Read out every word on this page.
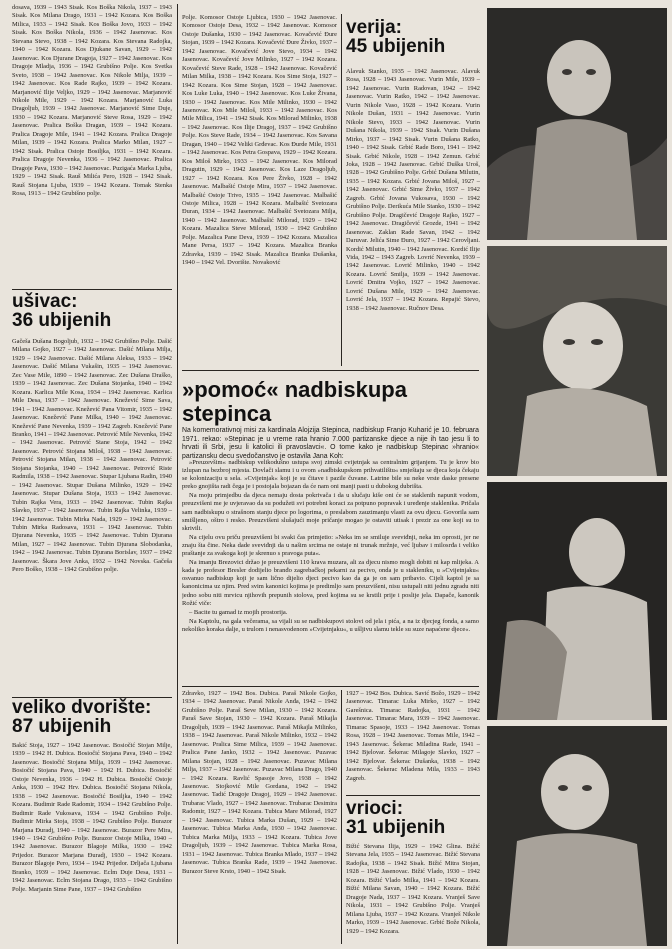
dosava, 1939 – 1943 Sisak. Kos Boška Nikola, 1937 – 1943 Sisak. Kos Milana Drago, 1931 – 1942 Kozara. Kos Boška Milica, 1933 – 1942 Sisak. Kos Boška Jovo, 1933 – 1942 Sisak. Kos Boška Nikola, 1936 – 1942 Jasenovac. Kos Stevana Stevo, 1938 – 1942 Kozara. Kos Stevana Radojka, 1940 – 1942 Kozara. Kos Djukane Savan, 1929 – 1942 Jasenovac. Kos Djurane Dragoja, 1927 – 1942 Jasenovac. Kos Dragoje Mladja, 1936 – 1942 Grubišno Polje. Kos Svetka Sveto, 1938 – 1942 Jasenovac. Kos Nikole Milja, 1939 – 1942 Jasenovac. Kos Rade Rajko, 1939 – 1942 Kozara. Marjanović Ilije Veljko, 1929 – 1942 Jasenovac. Marjanović Nikole Mile, 1929 – 1942 Kozara. Marjanović Luka Dragoljub, 1939 – 1942 Jasenovac. Marjanović Sime Duje, 1930 – 1942 Kozara. Marjanović Steve Rosa, 1929 – 1942 Jasenovac. Pralica Boška Dragan, 1939 – 1942 Kozara. Pralica Dragoje Mile, 1941 – 1942 Kozara. Pralica Dragoje Milan, 1939 – 1942 Kozara. Pralica Marko Milan, 1927 – 1942 Sisak. Pralica Ostoje Bosiljka, 1931 – 1942 Kozara. Pralica Dragoje Nevenka, 1936 – 1942 Jasenovac. Pralica Dragoje Pava, 1930 – 1942 Jasenovac. Puzigaća Marka Ljuba, 1929 – 1942 Sisak. Rauš Milića Pero, 1928 – 1942 Sisak. Rauš Stojana Ljuba, 1939 – 1942 Kozara. Tomak Stenka Rosa, 1913 – 1942 Grubišno polje.

ušivac:

36 ubijenih

Gačeša Dušana Bogoljub, 1932 – 1942 Grubišno Polje. Dašić Milana Gojko, 1927 – 1942 Jasenovac. Dašić Milana Milja, 1929 – 1942 Jasenovac. Dašić Milana Aleksa, 1933 – 1942 Jasenovac. Dašić Milana Vukašin, 1935 – 1942 Jasenovac. Zec Vase Mile, 1890 – 1942 Jasenovac. Zec Dušana Draško, 1939 – 1942 Jasenovac. Zec Dušana Stojanka, 1940 – 1942 Kozara. Karlica Mile Kosa, 1934 – 1942 Jasenovac. Karlica Mile Desa, 1937 – 1942 Jasenovac. Knežević Sime Sava, 1941 – 1942 Jasenovac. Knežević Pana Vitomir, 1935 – 1942 Jasenovac. Knežević Pane Milka, 1940 – 1942 Jasenovac. Knežević Pane Nevenka, 1939 – 1942 Zagreb. Knežević Pane Branko, 1941 – 1942 Jasenovac. Petrović Mile Nevenka, 1942 – 1942 Jasenovac. Petrović Stane Stoja, 1942 – 1942 Jasenovac. Petrović Stojana Miloš, 1938 – 1942 Jasenovac. Petrović Stojana Milan, 1938 – 1942 Jasenovac. Petrović Stojana Stojanka, 1940 – 1942 Jasenovac. Petrović Riste Radmila, 1938 – 1942 Jasenovac. Stupar Ljubana Radin, 1940 – 1942 Jasenovac. Stupar Dušana Milinko, 1929 – 1942 Jasenovac. Stupar Dušana Stoja, 1933 – 1942 Jasenovac. Tubin Rajka Vera, 1933 – 1942 Jasenovac. Tubin Rajka Slavko, 1937 – 1942 Jasenovac. Tubin Rajka Velinka, 1939 – 1942 Jasenovac. Tubin Mirka Nada, 1929 – 1942 Jasenovac. Tubin Mirka Radosava, 1931 – 1942 Jasenovac. Tubin Djurana Nevenka, 1935 – 1942 Jasenovac. Tubin Djurana Milan, 1927 – 1942 Jasenovac. Tubin Djurana Slobodanka, 1942 – 1942 Jasenovac. Tubin Djurana Borislav, 1937 – 1942 Jasenovac. Škara Jove Anka, 1932 – 1942 Novska. Gačeša Pero Boško, 1938 – 1942 Grubišno polje.

veliko dvorište:

87 ubijenih

Bakić Stoja, 1927 – 1942 Jasenovac. Bosiočić Stojan Milje, 1939 – 1942 H. Dubica. Bosiočić Stojana Pava, 1940 – 1942 Jasenovac. Bosiočić Stojana Milja, 1939 – 1942 Jasenovac. Bosiočić Stojana Pava, 1940 – 1942 H. Dubica. Bosiočić Ostoje Nevenka, 1936 – 1942 H. Dubica. Bosiočić Ostoje Anka, 1930 – 1942 Hrv. Dubica. Bosiočić Stojana Nikola, 1938 – 1942 Jasenovac. Bosiočić Bosiljka, 1940 – 1942 Kozara. Budimir Rade Radomir, 1934 – 1942 Grubišno Polje. Budimir Rade Vukosava, 1934 – 1942 Grubišno Polje. Budimir Mirka Stoja, 1938 – 1942 Grubišno Polje. Burazor Marjana Đuradj, 1940 – 1942 Jasenovac. Burazor Pere Mira, 1940 – 1942 Grubišno Polje. Burazor Ostoje Milka, 1940 – 1942 Jasenovac. Burazor Blagoje Milka, 1930 – 1942 Prijedor. Burazor Marjana Đuradj, 1930 – 1942 Kozara. Burazor Blagoje Pero, 1934 – 1942 Prijedor. Drljača Ljubana Branko, 1939 – 1942 Jasenovac. Eclm Duje Desa, 1931 – 1942 Jasenovac. Eclm Stojana Drago, 1933 – 1942 Grubišno Polje. Marjanin Sime Pane, 1937 – 1942 Grubišno

Polje. Komosor Ostoje Ljubica, 1930 – 1942 Jasenovac. Komosor Ostoje Desa, 1932 – 1942 Jasenovac. Komosor Ostoje Dušanka, 1930 – 1942 Jasenovac. Kovačević Đure Stojan, 1939 – 1942 Kozara. Kovačević Đure Živko, 1937 – 1942 Jasenovac. Kovačević Jove Stevo, 1934 – 1942 Jasenovac. Kovačević Jove Milinko, 1927 – 1942 Kozara. Kovačević Steve Rade, 1928 – 1942 Jasenovac. Kovačević Milan Milka, 1938 – 1942 Kozara. Kos Sime Stoja, 1927 – 1942 Kozara. Kos Sime Stojan, 1928 – 1942 Jasenovac. Kos Luke Luka, 1940 – 1942 Jasenovac. Kos Luke Živana, 1930 – 1942 Jasenovac. Kos Mile Milinko, 1930 – 1942 Jasenovac. Kos Mile Miloš, 1933 – 1942 Jasenovac. Kos Mile Milica, 1941 – 1942 Sisak. Kos Milorad Milinko, 1938 – 1942 Jasenovac. Kos Ilije Dragoj, 1937 – 1942 Grubišno Polje. Kos Steve Rade, 1934 – 1942 Jasenovac. Kos Savana Dragan, 1940 – 1942 Veliki Grđevac. Kos Đurde Mile, 1931 – 1942 Jasenovac. Kos Petra Gospava, 1929 – 1942 Kozara. Kos Miloš Mirko, 1933 – 1942 Jasenovac. Kos Milorad Dragutin, 1929 – 1942 Jasenovac. Kos Laze Dragoljub, 1927 – 1942 Kozara. Kos Pere Živko, 1928 – 1942 Jasenovac. Malbašić Ostoje Mira, 1937 – 1942 Jasenovac. Malbašić Ostoje Trivo, 1935 – 1942 Jasenovac. Malbašić Ostoje Milica, 1928 – 1942 Kozara. Malbašić Svetozara Đuran, 1934 – 1942 Jasenovac. Malbašić Svetozara Milja, 1940 – 1942 Jasenovac. Malbašić Milorad, 1929 – 1942 Kozara. Mazalica Steve Milorad, 1930 – 1942 Grubišno Polje. Mazalica Pane Deva, 1939 – 1942 Kozara. Mazalica Mane Persa, 1937 – 1942 Kozara. Mazalica Branka Zdravka, 1939 – 1942 Sisak. Mazalica Branka Dušanka, 1940 – 1942 Vel. Dvorište. Novaković

verija:

45 ubijenih

Alavuk Stanko, 1935 – 1942 Jasenovac. Alavuk Rosa, 1928 – 1943 Jasenovac. Vurin Mile, 1939 – 1942 Jasenovac. Vurin Radovan, 1942 – 1942 Jasenovac. Vurin Ratko, 1942 – 1942 Jasenovac. Vurin Nikole Vaso, 1928 – 1942 Kozara. Vurin Nikole Dušan, 1931 – 1942 Jasenovac. Vurin Nikole Stevo, 1933 – 1942 Jasenovac. Vurin Dušana Nikola, 1939 – 1942 Sisak. Vurin Dušana Mirko, 1937 – 1942 Sisak. Vurin Dušana Ratko, 1940 – 1942 Sisak. Grbić Rade Boro, 1941 – 1942 Sisak. Grbić Nikole, 1928 – 1942 Zemun. Grbić Joka, 1928 – 1942 Jasenovac. Grbić Duška Uroš, 1928 – 1942 Grubišno Polje. Grbić Dušana Milutin, 1935 – 1942 Kozara. Grbić Jovana Miloš, 1927 – 1942 Jasenovac. Grbić Sime Živko, 1937 – 1942 Zagreb. Grbić Jovana Vukosava, 1930 – 1942 Grubišno Polje. Derikuća Mile Stanko, 1930 – 1942 Grubišno Polje. Dragičević Dragoje Rajko, 1927 – 1942 Jasenovac. Dragičević Grozde, 1941 – 1942 Jasenovac. Zaklan Rade Savan, 1942 – 1942 Daruvar. Jelića Sime Đuro, 1927 – 1942 Cerovljani. Kordić Milutin, 1940 – 1942 Jasenovac. Kordić Ilije Vida, 1942 – 1943 Zagreb. Lovrić Nevenka, 1939 – 1942 Jasenovac. Lovrić Milinko, 1940 – 1942 Kozara. Lovrić Smilja, 1939 – 1942 Jasenovac. Lovrić Dmitra Vojko, 1927 – 1942 Jasenovac. Lovrić Dušana Mile, 1929 – 1942 Jasenovac. Lovrić Jela, 1937 – 1942 Kozara. Repajić Stevo, 1938 – 1942 Jasenovac. Ručnov Desa.

»pomoć« nadbiskupa stepinca

Na komemorativnoj misi za kardinala Alojzija Stepinca, nadbiskup Franjo Kuharić je 10. februara 1971. rekao: »Stepinac je u vreme rata hranio 7.000 partizanske djece a nije ih tao jesu li to hrvati ili Srbi, jesu li katolici ili pravoslavci«. O tome kako je nadbiskup Stepinac »hranio« partizansku decu svedočanstvo je ostavila Jana Koh:

»Preuzevšim« nadbiskup velikodušno ustupa svoj zimski cvijetnjak sa centralnim grijanjem. Tu je krov bio izlupan na bezbroj mjesta. Dovlači slamu i u ovom »nadbiskupskom prihvatilištu« smještaju se djeca koja čekaju se kolonizaciju u sela. »Cvijetnjak« koji je su čitave i pazile čuvane. Latrine bile su neke vrste daske presene preko gnojišta radi čega je i postojala bojazan da će nam oni manji pasti u dubokоg dubrišta.

Na moju primjedbu da djeca nemaju dosta pokrivača i da u slučaju kiše oni će se staklenih napunit vodom, preuzvišeni me je uvjeravao da su podužeti svi potrebni koraci za potpuno popravak i uređenje staklenika. Pričala sam nadbiskupu o strašnom stanju djece po logorima, o preslabom zauzimanju vlasti za ovu djecu. Govorila sam smišljeno, oštro i resko. Preuzvišeni slušajući moje pričanje mogao je ostaviti utisak i prezir za one koji su to skrivili.

Na cijelu ovu priču preuzvišeni bi svaki čas primjetio: »Neka im se smiluje sveviđnji, neka im oprosti, jer ne znaju šta čine. Neka dade sveviđnji da u našim srcima ne ostaje ni trunak mržnje, već ljubav i milosrđa i veliko praštanje za svakoga koji je skrenuo s pravoga puta«.

Na imanju Brezovici držao je preuzvišeni 110 krava muzara, ali za djecu nismo mogli dobiti ni kap mlijeka. A kada je profesor Bresler dodijelio branđo zagrebačkoj pekarni za pecivo, onda je u stakleniku, u »Cvijetnjaku« osvanuo nadbiskup koji je sam lično dijelio djeci pecivo kao da ga je on sam pribavio. Cijeli kaptol je sa kanonicima uz njim. Pred svim kanonici kojima je predimljo sam preuzvišeni, nisu ustupali niti jednu zgradu niti jedno sobu niti mrvicu njihovih prepunih stolova, pred kojima su se krstili prije i poslije jela. Dapače, kanonik Rožić viče:

– Bacite tu gamad iz mojih prostorija.

Na Kaptolu, na gala večerama, sa vijali su se nadbiskupovi stolovi od jela i pića, a na iz djecjeg fonda, a samo nekoliko koraka dalje, u trulom i nenasvodenom »Cvijetnjaku«, u ušljivu slamu tekle su suze napaćene djece«.

Zdravko, 1927 – 1942 Bos. Dubica. Paraš Nikole Gojko, 1934 – 1942 Jasenovac. Paraš Nikole Anđa, 1942 – 1942 Grubišno Polje. Paraš Seve Milan, 1930 – 1942 Kozara. Paraš Save Stojan, 1930 – 1942 Kozara. Paraš Mikajla Dragoljub, 1939 – 1942 Jasenovac. Paraš Mikajla Milinko, 1938 – 1942 Jasenovac. Paraš Nikole Milinko, 1932 – 1942 Jasenovac. Pralica Sime Milica, 1939 – 1942 Jasenovac. Pralica Pane Janko, 1932 – 1942 Jasenovac. Puzavac Milana Stojan, 1928 – 1942 Jasenovac. Puzavac Milana Milja, 1937 – 1942 Jasenovac. Puzavac Milana Drago, 1940 – 1942 Kozara. Ravlić Spasoje Jovo, 1938 – 1942 Jasenovac. Stojković Mile Gordana, 1942 – 1942 Jasenovac. Tadić Dragoje Dragoj, 1929 – 1942 Jasenovac. Trubarac Vlado, 1927 – 1942 Jasenovac. Trubarac Desimira Radomir, 1927 – 1942 Kozara. Tubica Mare Milorad, 1927 – 1942 Jasenovac. Tubica Marka Dušan, 1929 – 1942 Jasenovac. Tubica Marka Anđa, 1930 – 1942 Jasenovac. Tubica Marka Milja, 1933 – 1942 Kozara. Tubica Jove Dragoljub, 1939 – 1942 Jasenovac. Tubica Marka Rosa, 1931 – 1942 Jasenovac. Tubica Branka Mlado, 1937 – 1942 Jasenovac. Tubica Branka Rade, 1939 – 1942 Jasenovac. Burazor Steve Krsto, 1940 – 1942 Sisak.

1927 – 1942 Bos. Dubica. Savić Božo, 1929 – 1942 Jasenovac. Timarac Luka Mirko, 1927 – 1942 Garešnica. Timarac Radojka, 1931 – 1942 Jasenovac. Timarac Mara, 1939 – 1942 Jasenovac. Timarac Spasoje, 1933 – 1942 Jasenovac. Tomas Rosa, 1928 – 1942 Jasenovac. Tomas Mile, 1942 – 1943 Jasenovac. Šekerac Miladina Rade, 1941 – 1942 Bjelovar. Šekerac Milagoje Slavko, 1927 – 1942 Bjelovar. Šekerac Dušanka, 1938 – 1942 Jasenovac. Šekerac Mladena Mila, 1933 – 1943 Zagreb.

vrioci:

31 ubijenih

Bižić Stevana Ilija, 1929 – 1942 Glina. Bižić Stevana Jela, 1935 – 1942 Jasenovac. Bižić Stevana Radojka, 1938 – 1942 Sisak. Bižić Mitra Stojan, 1928 – 1942 Jasenovac. Bižić Vlado, 1930 – 1942 Kozara. Bižić Vlado Milka, 1941 – 1942 Kozara. Bižić Milana Savan, 1940 – 1942 Kozara. Bižić Dragoje Nada, 1937 – 1942 Kozara. Vranješ Save Nikola, 1931 – 1942 Grubišno Polje. Vranješ Milana Ljuba, 1937 – 1942 Kozara. Vranješ Nikole Marko, 1939 – 1942 Jasenovac. Grbić Bože Nikola, 1929 – 1942 Kozara.
